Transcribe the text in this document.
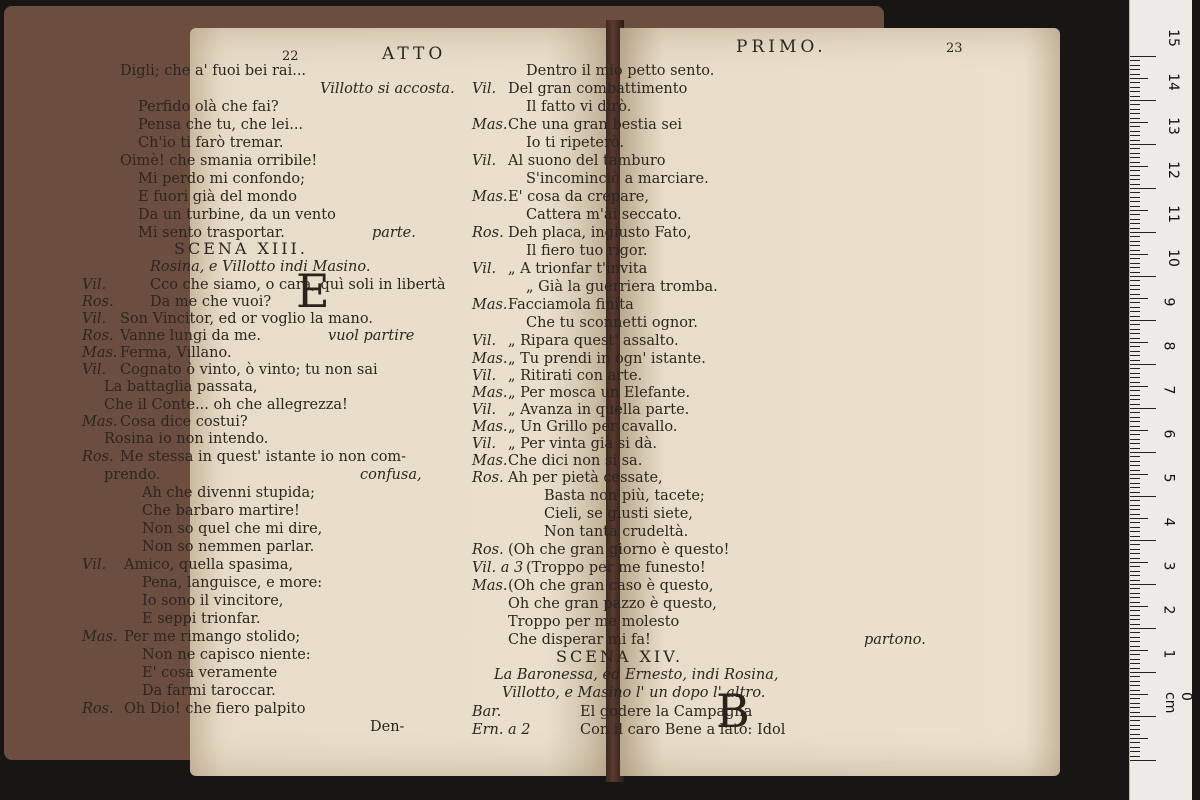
22	ATTO	PRIMO.	23
E
B
Digli; che a' fuoi bei rai...
Villotto si accosta.
Perfido olà che fai?
Pensa che tu, che lei...
Ch'io ti farò tremar.
Oimè! che smania orribile!
Mi perdo mi confondo;
E fuori già del mondo
Da un turbine, da un vento
Mi sento trasportar.	parte.
SCENA XIII.
Rosina, e Villotto indi Masino.
Vil.	Cco che siamo, o cara, quì soli in libertà
Ros.	Da me che vuoi?
Vil. Son Vincitor, ed or voglio la mano.
Ros. Vanne lungi da me.	vuol partire
Mas. Ferma, Villano.
Vil. Cognato ò vinto, ò vinto; tu non sai
La battaglia passata,
Che il Conte... oh che allegrezza!
Mas. Cosa dice costui?
Rosina io non intendo.
Ros. Me stessa in quest' istante io non com-
prendo.	confusa,
Ah che divenni stupida;
Che barbaro martire!
Non so quel che mi dire,
Non so nemmen parlar.
Vil. Amico, quella spasima,
Pena, languisce, e more:
Io sono il vincitore,
E seppi trionfar.
Mas. Per me rimango stolido;
Non ne capisco niente:
E' cosa veramente
Da farmi taroccar.
Ros. Oh Dio! che fiero palpito
Den-
Dentro il mio petto sento.
Vil. Del gran combattimento
Il fatto vi dirò.
Mas. Che una gran bestia sei
Io ti ripeterò.
Vil. Al suono del tamburo
S'incominciò a marciare.
Mas. E' cosa da crepare,
Cattera m'ài seccato.
Ros. Deh placa, ingiusto Fato,
Il fiero tuo rigor.
Vil. „ A trionfar t'invita
„ Già la guerriera tromba.
Mas. Facciamola finita
Che tu sconnetti ognor.
Vil. „ Ripara quest' assalto.
Mas. „ Tu prendi in ogn' istante.
Vil. „ Ritirati con arte.
Mas. „ Per mosca un Elefante.
Vil. „ Avanza in quella parte.
Mas. „ Un Grillo per cavallo.
Vil. „ Per vinta già si dà.
Mas. Che dici non si sa.
Ros. Ah per pietà cessate,
Basta non più, tacete;
Cieli, se giusti siete,
Non tanta crudeltà.
Ros. (Oh che gran giorno è questo!
Vil. a 3 (Troppo per me funesto!
Mas. (Oh che gran caso è questo,
Oh che gran pazzo è questo,
Troppo per me molesto
Che disperar mi fa!	partono.
SCENA XIV.
La Baronessa, ed Ernesto, indi Rosina,
Villotto, e Masino l' un dopo l' altro.
Bar.	El godere la Campagna
Ern. a 2	Con il caro Bene a lato: Idol
15
14
13
12
11
10
9
8
7
6
5
4
3
2
1
0 cm
